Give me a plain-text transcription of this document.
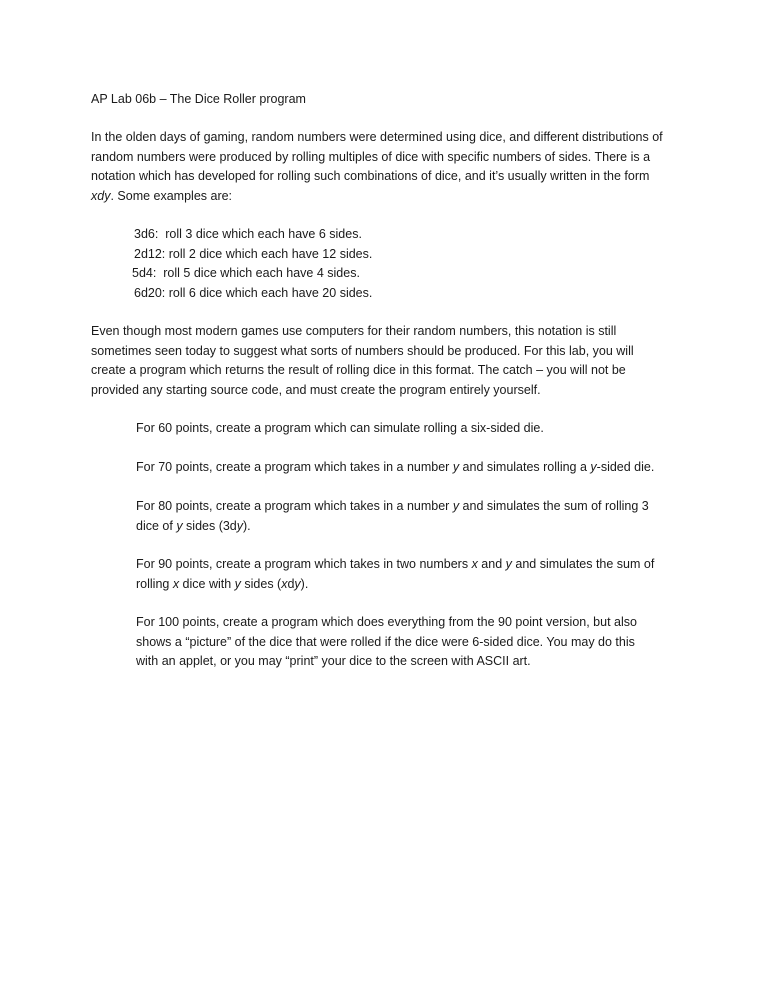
AP Lab 06b – The Dice Roller program
In the olden days of gaming, random numbers were determined using dice, and different distributions of
random numbers were produced by rolling multiples of dice with specific numbers of sides. There is a
notation which has developed for rolling such combinations of dice, and it’s usually written in the form
xdy. Some examples are:
3d6:  roll 3 dice which each have 6 sides.
2d12: roll 2 dice which each have 12 sides.
5d4:  roll 5 dice which each have 4 sides.
6d20: roll 6 dice which each have 20 sides.
Even though most modern games use computers for their random numbers, this notation is still
sometimes seen today to suggest what sorts of numbers should be produced. For this lab, you will
create a program which returns the result of rolling dice in this format. The catch – you will not be
provided any starting source code, and must create the program entirely yourself.
For 60 points, create a program which can simulate rolling a six-sided die.
For 70 points, create a program which takes in a number y and simulates rolling a y-sided die.
For 80 points, create a program which takes in a number y and simulates the sum of rolling 3
dice of y sides (3dy).
For 90 points, create a program which takes in two numbers x and y and simulates the sum of
rolling x dice with y sides (xdy).
For 100 points, create a program which does everything from the 90 point version, but also
shows a “picture” of the dice that were rolled if the dice were 6-sided dice. You may do this
with an applet, or you may “print” your dice to the screen with ASCII art.
